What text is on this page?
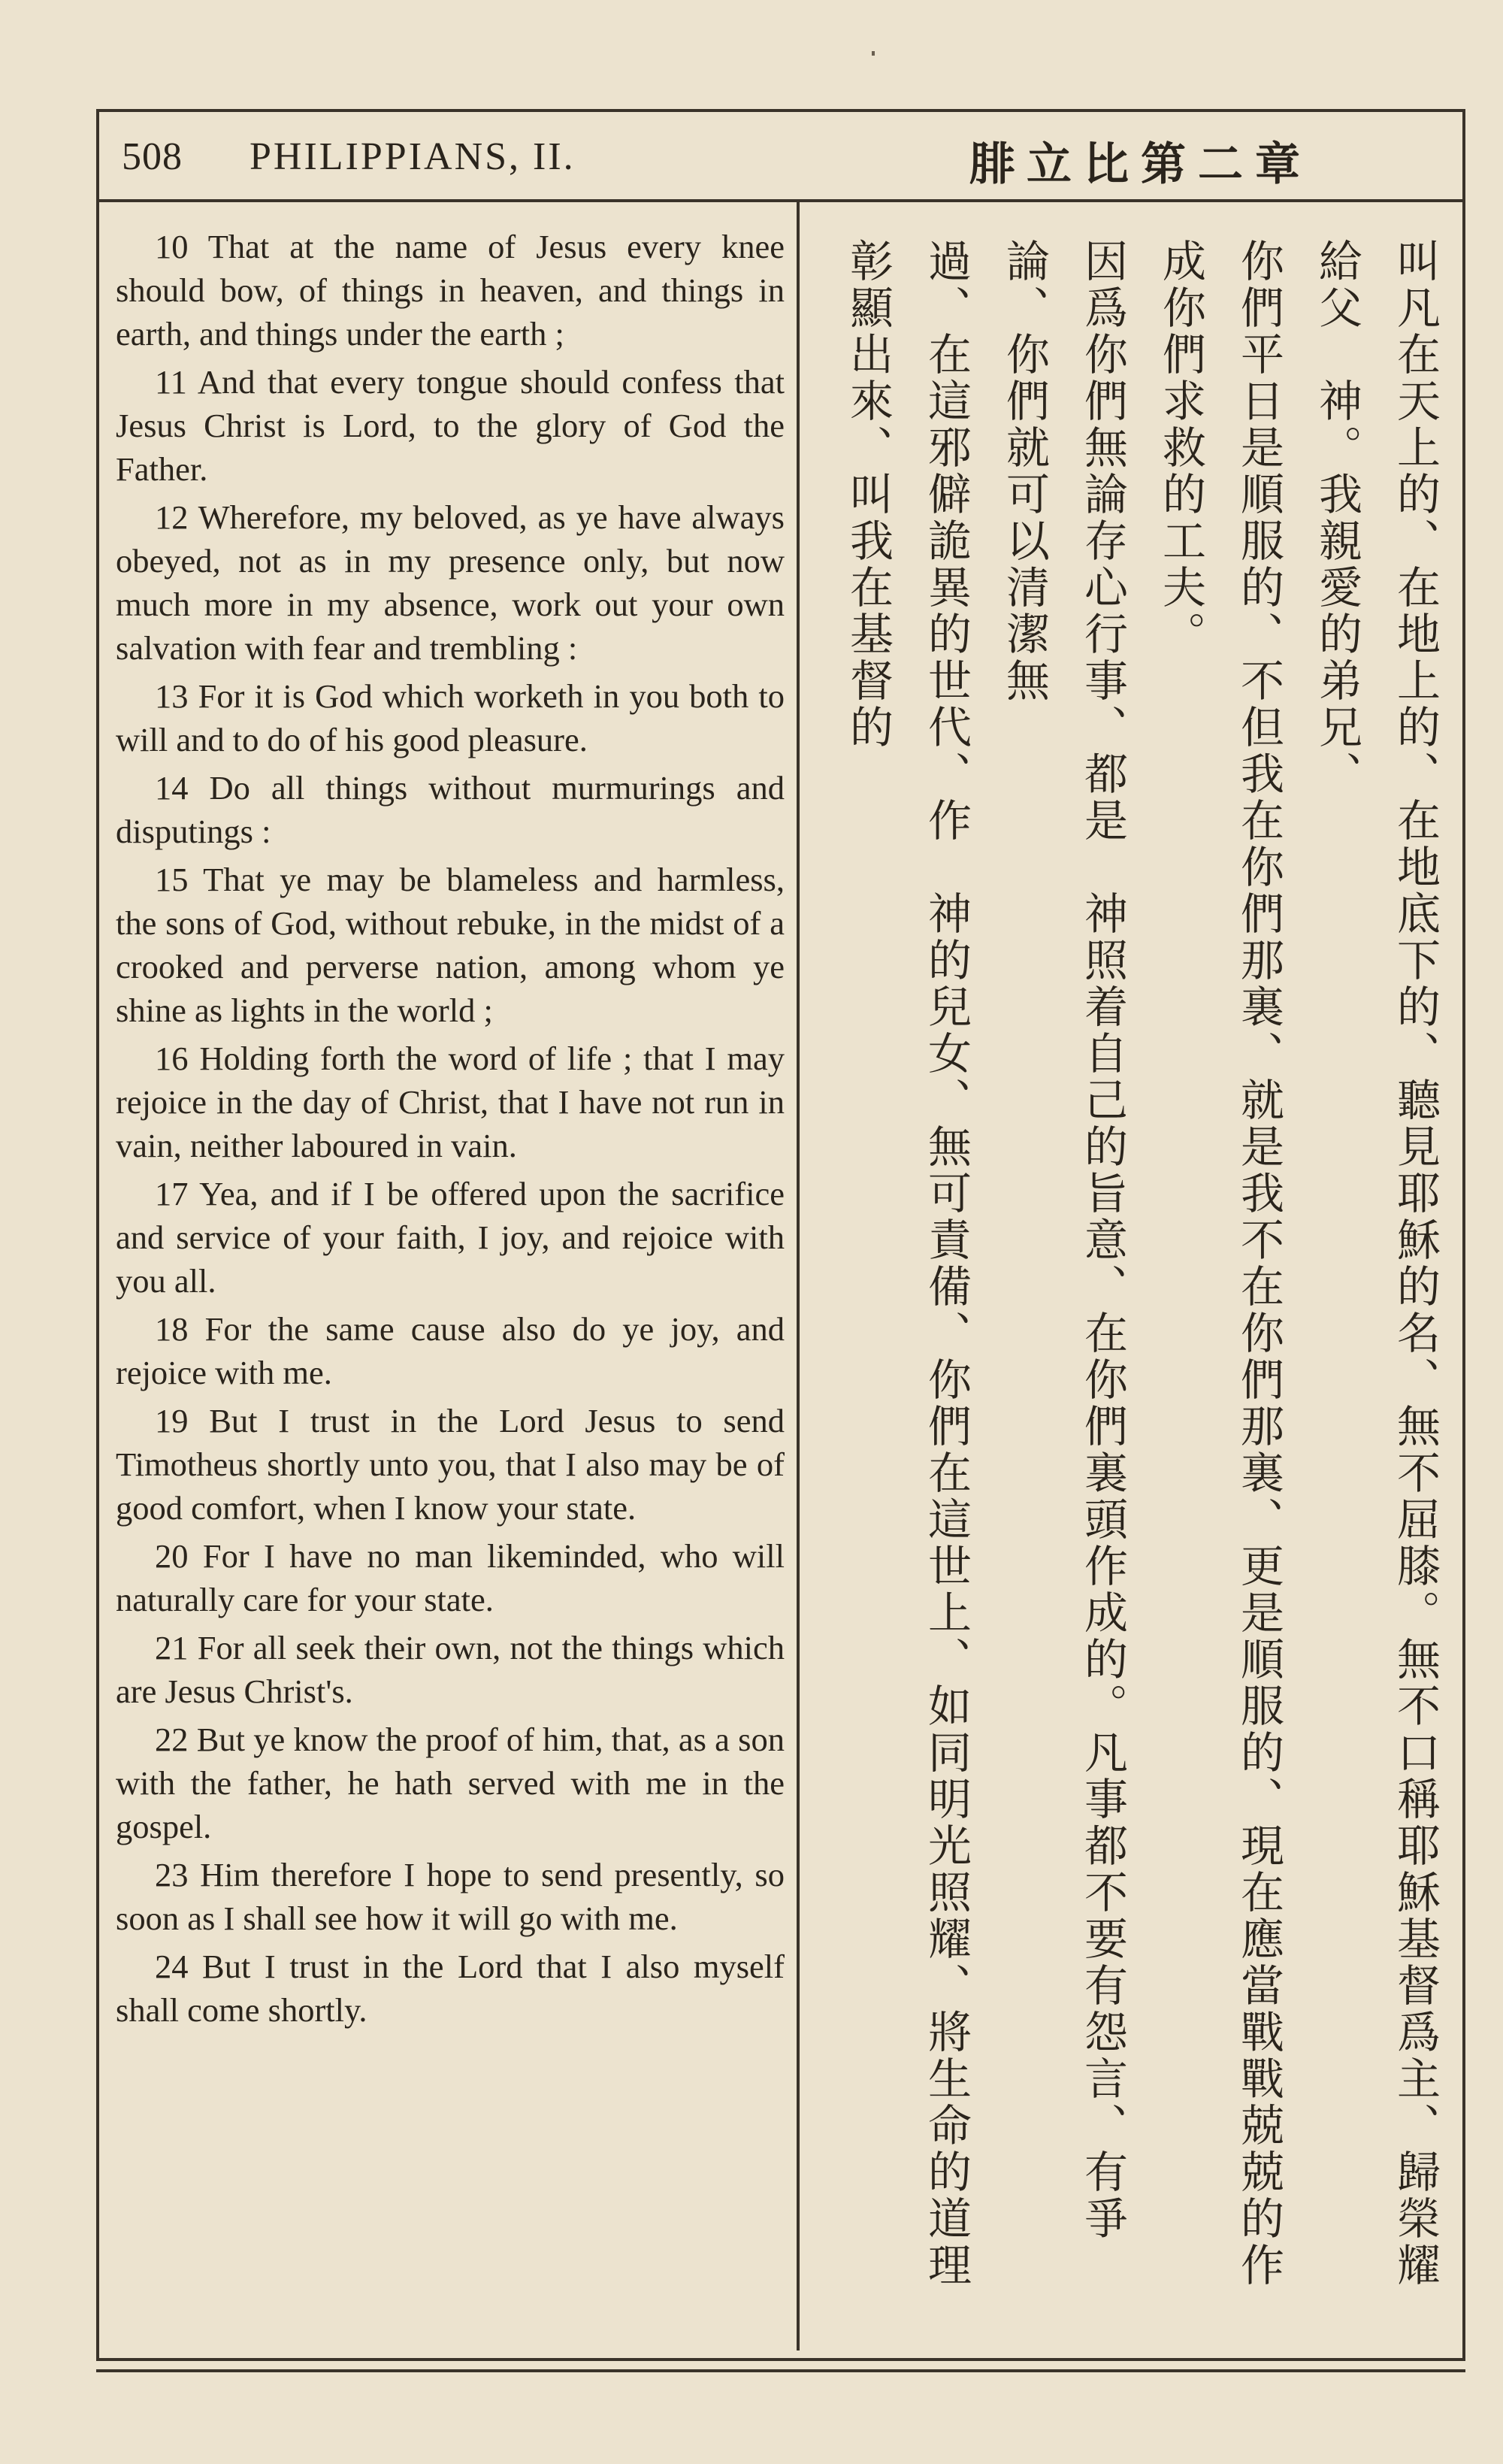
508 PHILIPPIANS, II.	腓立比第二章

10 That at the name of Jesus every knee should bow, of things in heaven, and things in earth, and things under the earth ;

11 And that every tongue should confess that Jesus Christ is Lord, to the glory of God the Father.

12 Wherefore, my beloved, as ye have always obeyed, not as in my presence only, but now much more in my absence, work out your own salvation with fear and trembling :

13 For it is God which worketh in you both to will and to do of his good pleasure.

14 Do all things without murmurings and disputings :

15 That ye may be blameless and harmless, the sons of God, without rebuke, in the midst of a crooked and perverse nation, among whom ye shine as lights in the world ;

16 Holding forth the word of life ; that I may rejoice in the day of Christ, that I have not run in vain, neither laboured in vain.

17 Yea, and if I be offered upon the sacrifice and service of your faith, I joy, and rejoice with you all.

18 For the same cause also do ye joy, and rejoice with me.

19 But I trust in the Lord Jesus to send Timotheus shortly unto you, that I also may be of good comfort, when I know your state.

20 For I have no man likeminded, who will naturally care for your state.

21 For all seek their own, not the things which are Jesus Christ's.

22 But ye know the proof of him, that, as a son with the father, he hath served with me in the gospel.

23 Him therefore I hope to send presently, so soon as I shall see how it will go with me.

24 But I trust in the Lord that I also myself shall come shortly.	叫凡在天上的、在地上的、在地底下的、聽見耶穌的名、無不屈膝。無不口稱耶穌基督爲主、歸榮耀給父　神。我親愛的弟兄、

你們平日是順服的、不但我在你們那裏、就是我不在你們那裏、更是順服的、現在應當戰戰兢兢的作成你們求救的工夫。

因爲你們無論存心行事、都是　神照着自己的旨意、在你們裏頭作成的。凡事都不要有怨言、有爭論、你們就可以清潔無

過、在這邪僻詭異的世代、作　神的兒女、無可責備、你們在這世上、如同明光照耀、將生命的道理彰顯出來、叫我在基督的
